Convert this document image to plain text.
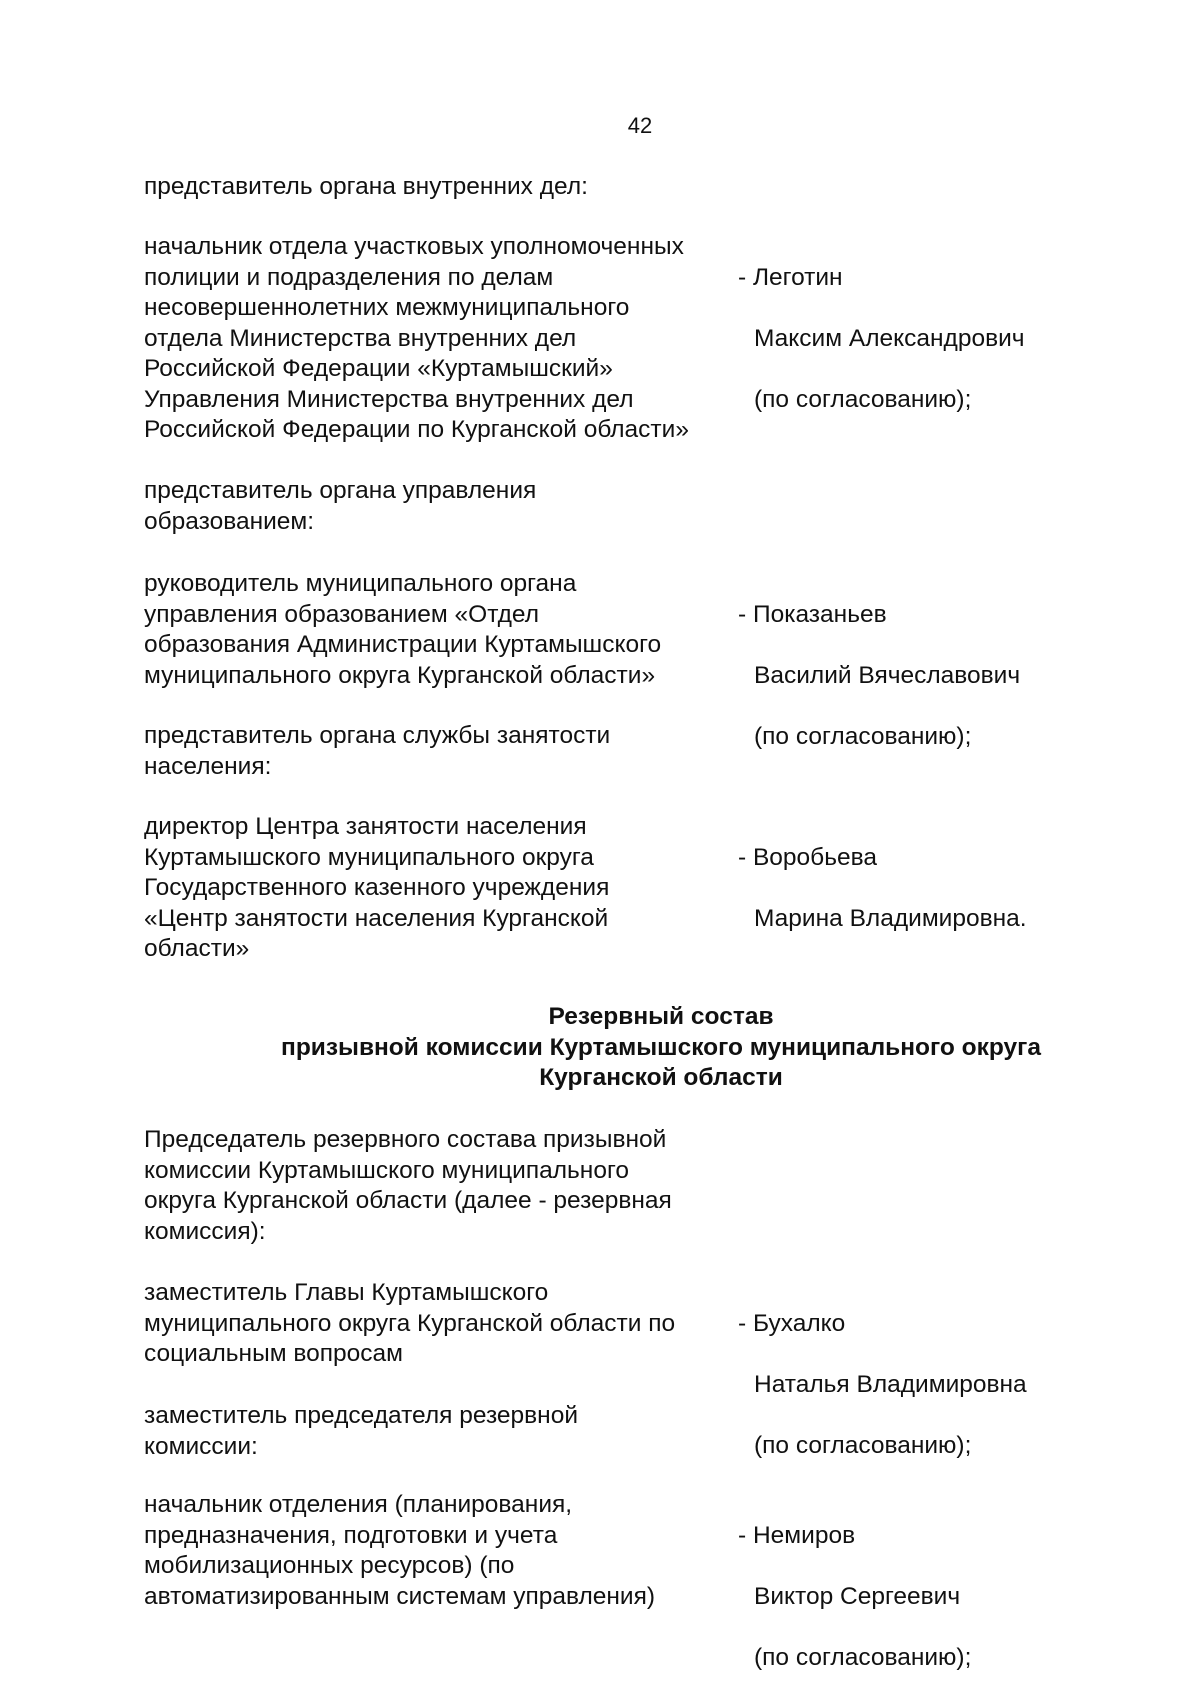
42
представитель органа внутренних дел:
начальник отдела участковых уполномоченных
полиции и подразделения по делам
несовершеннолетних межмуниципального
отдела Министерства внутренних дел
Российской Федерации «Куртамышский»
Управления Министерства внутренних дел
Российской Федерации по Курганской области»

- Леготин

Максим Александрович

(по согласованию);

представитель органа управления
образованием:
руководитель муниципального органа
управления образованием «Отдел
образования Администрации Куртамышского
муниципального округа Курганской области»

- Показаньев

Василий Вячеславович

(по согласованию);

представитель органа службы занятости
населения:
директор Центра занятости населения
Куртамышского муниципального округа
Государственного казенного учреждения
«Центр занятости населения Курганской
области»

- Воробьева

Марина Владимировна.

Резервный состав
призывной комиссии Куртамышского муниципального округа
Курганской области
Председатель резервного состава призывной
комиссии Куртамышского муниципального
округа Курганской области (далее - резервная
комиссия):
заместитель Главы Куртамышского
муниципального округа Курганской области по
социальным вопросам

- Бухалко

Наталья Владимировна

(по согласованию);

заместитель председателя резервной
комиссии:
начальник отделения (планирования,
предназначения, подготовки и учета
мобилизационных ресурсов) (по
автоматизированным системам управления)

- Немиров

Виктор Сергеевич

(по согласованию);
